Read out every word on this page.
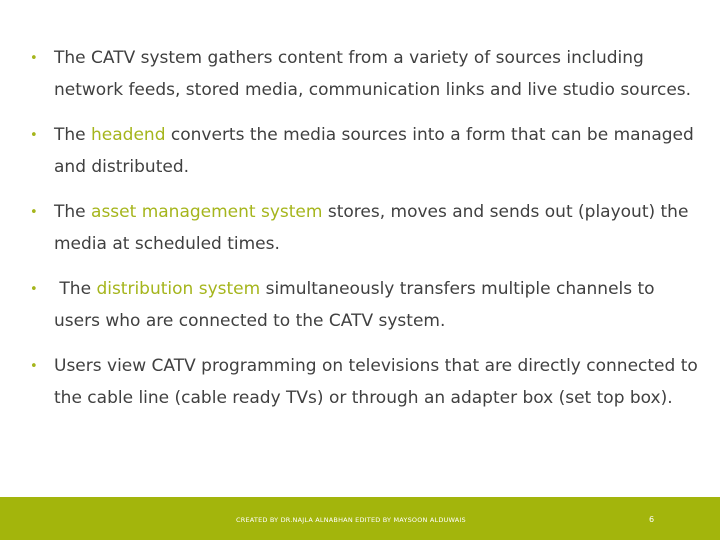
• The CATV system gathers content from a variety of sources including network feeds, stored media, communication links and live studio sources.
• The headend converts the media sources into a form that can be managed and distributed.
• The asset management system stores, moves and sends out (playout) the media at scheduled times.
• The distribution system simultaneously transfers multiple channels to users who are connected to the CATV system.
• Users view CATV programming on televisions that are directly connected to the cable line (cable ready TVs) or through an adapter box (set top box).
CREATED BY DR.NAJLA ALNABHAN EDITED BY MAYSOON ALDUWAIS	6
